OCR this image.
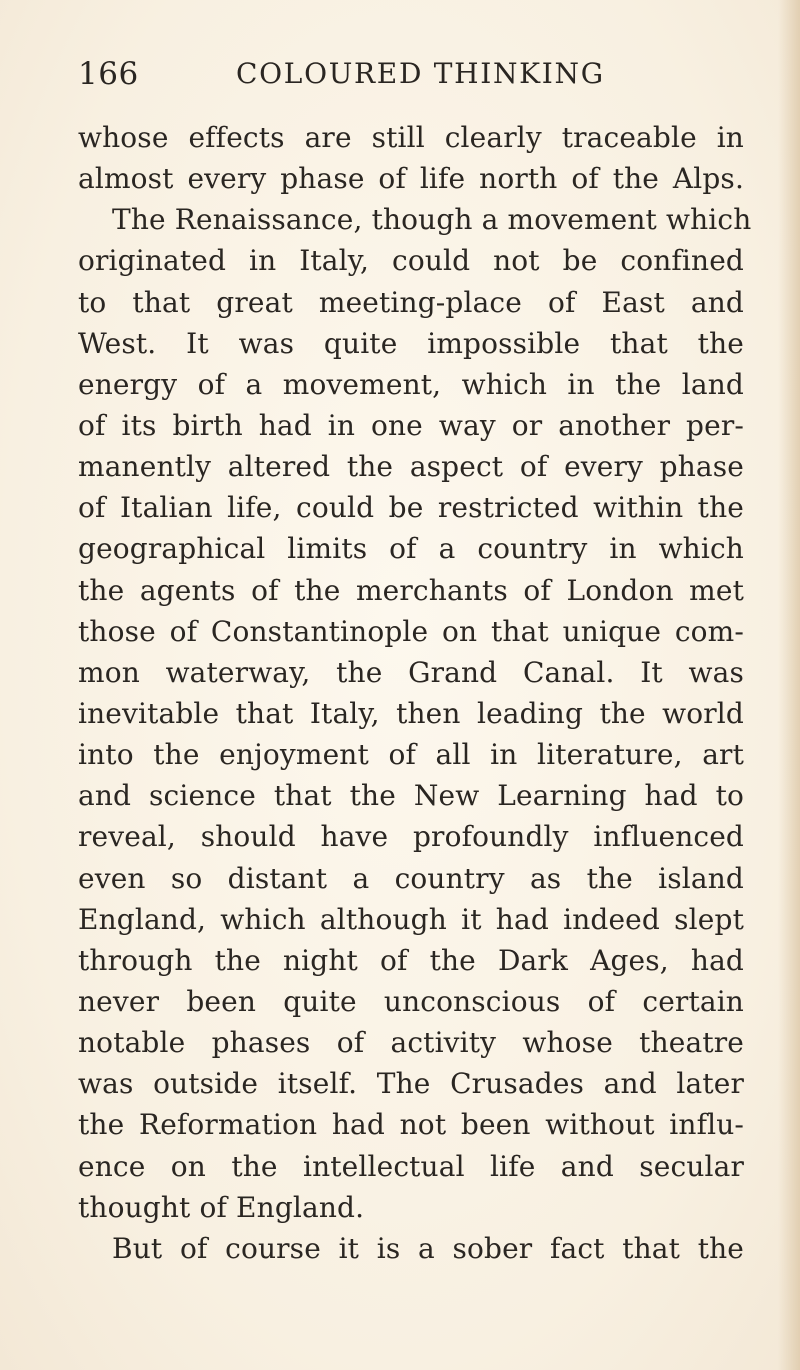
166	COLOURED THINKING
whose effects are still clearly traceable in
almost every phase of life north of the Alps.
The Renaissance, though a movement which
originated in Italy, could not be confined
to that great meeting-place of East and
West. It was quite impossible that the
energy of a movement, which in the land
of its birth had in one way or another per-
manently altered the aspect of every phase
of Italian life, could be restricted within the
geographical limits of a country in which
the agents of the merchants of London met
those of Constantinople on that unique com-
mon waterway, the Grand Canal. It was
inevitable that Italy, then leading the world
into the enjoyment of all in literature, art
and science that the New Learning had to
reveal, should have profoundly influenced
even so distant a country as the island
England, which although it had indeed slept
through the night of the Dark Ages, had
never been quite unconscious of certain
notable phases of activity whose theatre
was outside itself. The Crusades and later
the Reformation had not been without influ-
ence on the intellectual life and secular
thought of England.
But of course it is a sober fact that the
